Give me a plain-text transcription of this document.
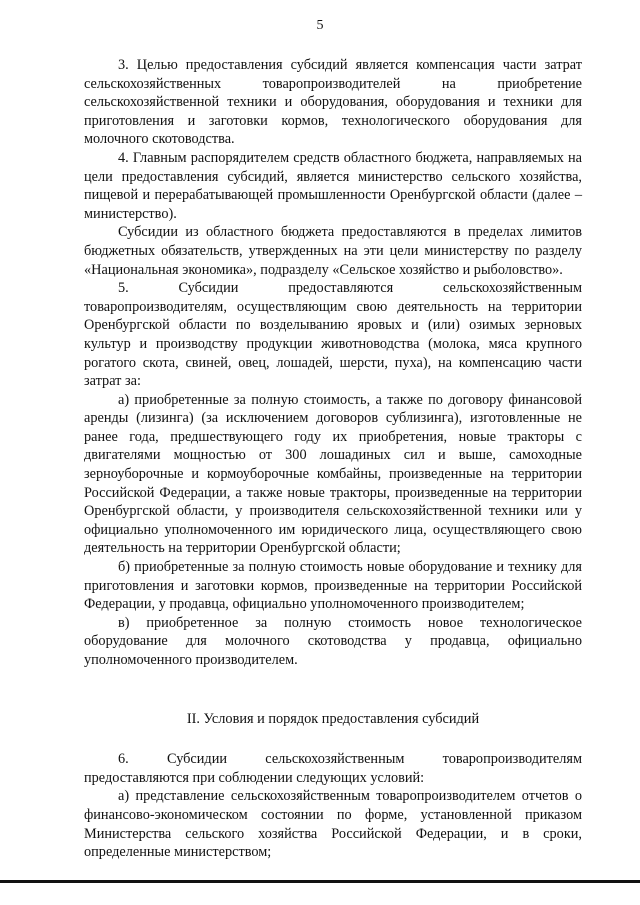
5

3. Целью предоставления субсидий является компенсация части затрат сельскохозяйственных товаропроизводителей на приобретение сельскохозяйственной техники и оборудования, оборудования и техники для приготовления и заготовки кормов, технологического оборудования для молочного скотоводства.

4. Главным распорядителем средств областного бюджета, направляемых на цели предоставления субсидий, является министерство сельского хозяйства, пищевой и перерабатывающей промышленности Оренбургской области (далее – министерство).

Субсидии из областного бюджета предоставляются в пределах лимитов бюджетных обязательств, утвержденных на эти цели министерству по разделу «Национальная экономика», подразделу «Сельское хозяйство и рыболовство».

5. Субсидии предоставляются сельскохозяйственным товаропроизводителям, осуществляющим свою деятельность на территории Оренбургской области по возделыванию яровых и (или) озимых зерновых культур и производству продукции животноводства (молока, мяса крупного рогатого скота, свиней, овец, лошадей, шерсти, пуха), на компенсацию части затрат за:

а) приобретенные за полную стоимость, а также по договору финансовой аренды (лизинга) (за исключением договоров сублизинга), изготовленные не ранее года, предшествующего году их приобретения, новые тракторы с двигателями мощностью от 300 лошадиных сил и выше, самоходные зерноуборочные и кормоуборочные комбайны, произведенные на территории Российской Федерации, а также новые тракторы, произведенные на территории Оренбургской области, у производителя сельскохозяйственной техники или у официально уполномоченного им юридического лица, осуществляющего свою деятельность на территории Оренбургской области;

б) приобретенные за полную стоимость новые оборудование и технику для приготовления и заготовки кормов, произведенные на территории Российской Федерации, у продавца, официально уполномоченного производителем;

в) приобретенное за полную стоимость новое технологическое оборудование для молочного скотоводства у продавца, официально уполномоченного производителем.

II. Условия и порядок предоставления субсидий

6. Субсидии сельскохозяйственным товаропроизводителям предоставляются при соблюдении следующих условий:

а) представление сельскохозяйственным товаропроизводителем отчетов о финансово-экономическом состоянии по форме, установленной приказом Министерства сельского хозяйства Российской Федерации, и в сроки, определенные министерством;
